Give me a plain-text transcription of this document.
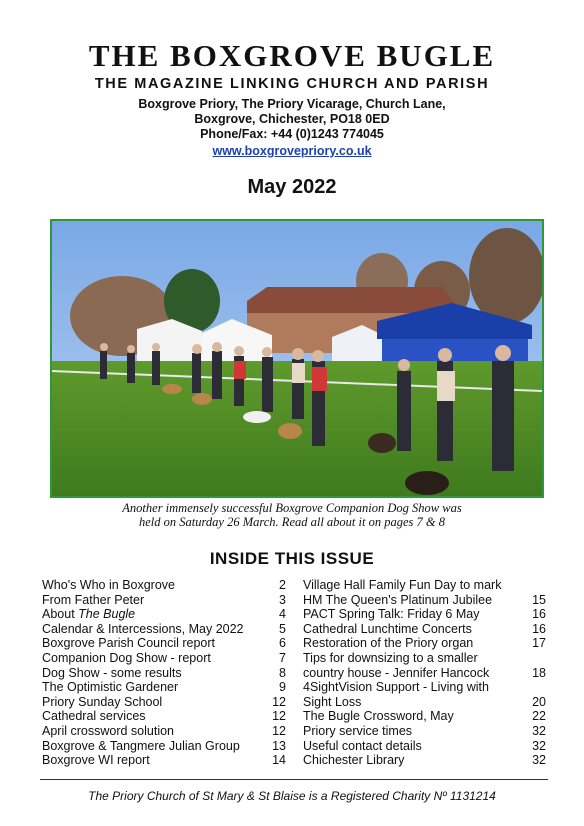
THE BOXGROVE BUGLE
THE MAGAZINE LINKING CHURCH AND PARISH
Boxgrove Priory, The Priory Vicarage, Church Lane,
Boxgrove, Chichester, PO18 0ED
Phone/Fax: +44 (0)1243 774045
www.boxgrovepriory.co.uk
May 2022
Another immensely successful Boxgrove Companion Dog Show was
held on Saturday 26 March. Read all about it on pages 7 & 8
INSIDE THIS ISSUE
Who's Who in Boxgrove	2
From Father Peter	3
About The Bugle	4
Calendar & Intercessions, May 2022	5
Boxgrove Parish Council report	6
Companion Dog Show - report	7
Dog Show - some results	8
The Optimistic Gardener	9
Priory Sunday School	12
Cathedral services	12
April crossword solution	12
Boxgrove & Tangmere Julian Group	13
Boxgrove WI report	14
Village Hall Family Fun Day to mark
HM The Queen's Platinum Jubilee	15
PACT Spring Talk: Friday 6 May	16
Cathedral Lunchtime Concerts	16
Restoration of the Priory organ	17
Tips for downsizing to a smaller
country house - Jennifer Hancock	18
4SightVision Support - Living with
Sight Loss	20
The Bugle Crossword, May	22
Priory service times	32
Useful contact details	32
Chichester Library	32
The Priory Church of St Mary & St Blaise is a Registered Charity Nº 1131214
